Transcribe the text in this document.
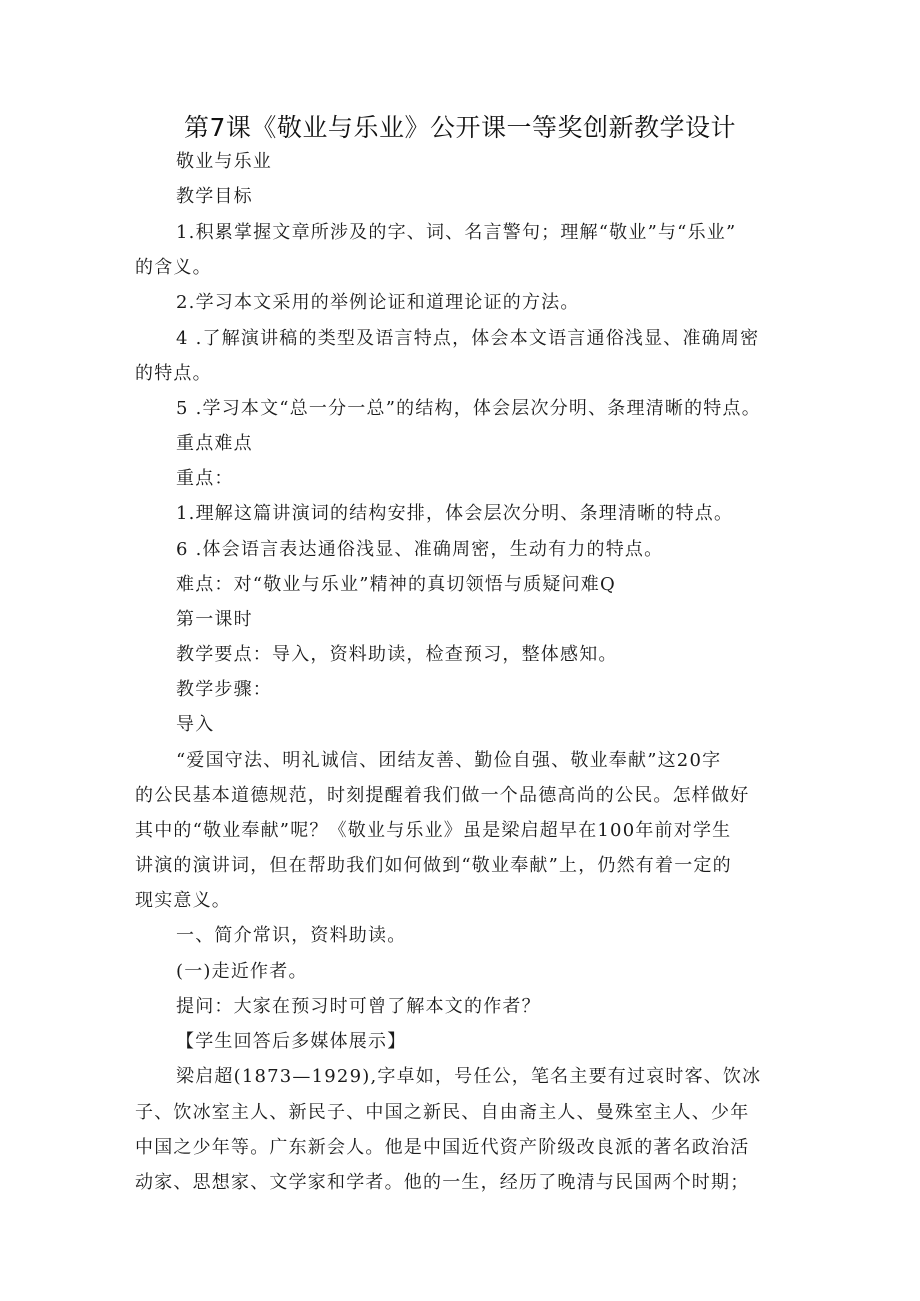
第7课《敬业与乐业》公开课一等奖创新教学设计
敬业与乐业
教学目标
1.积累掌握文章所涉及的字、词、名言警句；理解“敬业”与“乐业”
的含义。
2.学习本文采用的举例论证和道理论证的方法。
4 .了解演讲稿的类型及语言特点，体会本文语言通俗浅显、准确周密
的特点。
5 .学习本文“总一分一总”的结构，体会层次分明、条理清晰的特点。
重点难点
重点：
1.理解这篇讲演词的结构安排，体会层次分明、条理清晰的特点。
6 .体会语言表达通俗浅显、准确周密，生动有力的特点。
难点：对“敬业与乐业”精神的真切领悟与质疑问难Q
第一课时
教学要点：导入，资料助读，检查预习，整体感知。
教学步骤：
导入
“爱国守法、明礼诚信、团结友善、勤俭自强、敬业奉献”这20字
的公民基本道德规范，时刻提醒着我们做一个品德高尚的公民。怎样做好
其中的“敬业奉献”呢？《敬业与乐业》虽是梁启超早在100年前对学生
讲演的演讲词，但在帮助我们如何做到“敬业奉献”上，仍然有着一定的
现实意义。
一、简介常识，资料助读。
(一)走近作者。
提问：大家在预习时可曾了解本文的作者？
【学生回答后多媒体展示】
梁启超(1873—1929),字卓如，号任公，笔名主要有过哀时客、饮冰
子、饮冰室主人、新民子、中国之新民、自由斋主人、曼殊室主人、少年
中国之少年等。广东新会人。他是中国近代资产阶级改良派的著名政治活
动家、思想家、文学家和学者。他的一生，经历了晚清与民国两个时期；
